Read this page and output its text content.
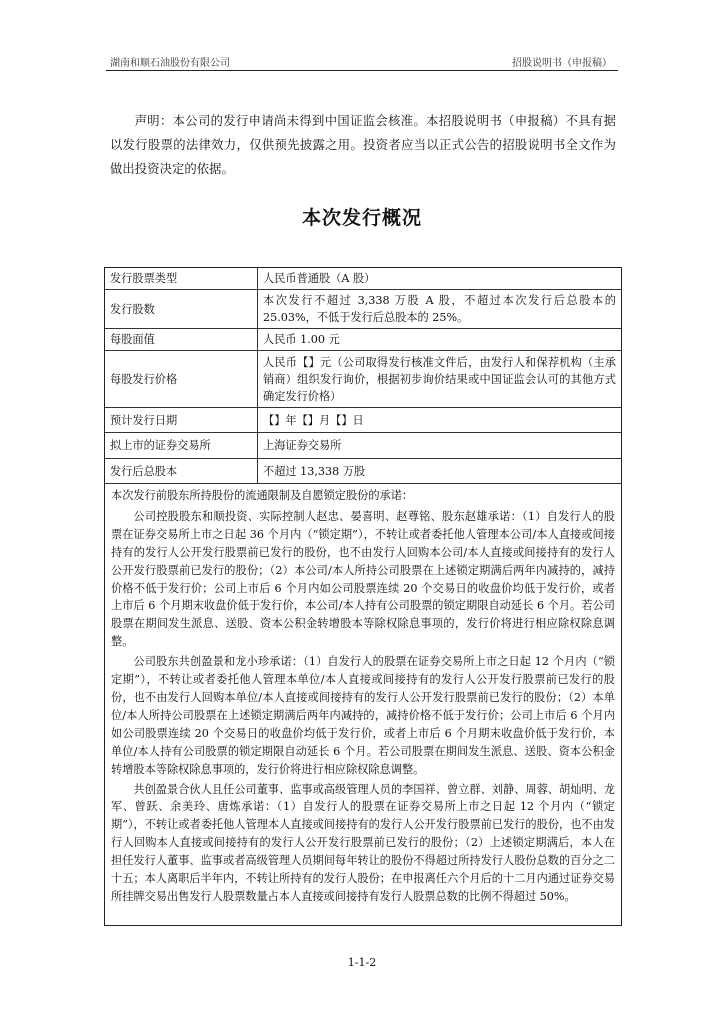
湖南和顺石油股份有限公司	招股说明书（申报稿）
声明：本公司的发行申请尚未得到中国证监会核准。本招股说明书（申报稿）不具有据以发行股票的法律效力，仅供预先披露之用。投资者应当以正式公告的招股说明书全文作为做出投资决定的依据。
本次发行概况
发行股票类型	人民币普通股（A 股）
发行股数	本次发行不超过 3,338 万股 A 股，不超过本次发行后总股本的 25.03%，不低于发行后总股本的 25%。
每股面值	人民币 1.00 元
每股发行价格	人民币【】元（公司取得发行核准文件后，由发行人和保荐机构（主承销商）组织发行询价，根据初步询价结果或中国证监会认可的其他方式确定发行价格）
预计发行日期	【】年【】月【】日
拟上市的证券交易所	上海证券交易所
发行后总股本	不超过 13,338 万股

本次发行前股东所持股份的流通限制及自愿锁定股份的承诺：

公司控股股东和顺投资、实际控制人赵忠、晏喜明、赵尊铭、股东赵雄承诺：（1）自发行人的股票在证券交易所上市之日起 36 个月内（“锁定期”），不转让或者委托他人管理本公司/本人直接或间接持有的发行人公开发行股票前已发行的股份，也不由发行人回购本公司/本人直接或间接持有的发行人公开发行股票前已发行的股份；（2）本公司/本人所持公司股票在上述锁定期满后两年内减持的，减持价格不低于发行价；公司上市后 6 个月内如公司股票连续 20 个交易日的收盘价均低于发行价，或者上市后 6 个月期末收盘价低于发行价，本公司/本人持有公司股票的锁定期限自动延长 6 个月。若公司股票在期间发生派息、送股、资本公积金转增股本等除权除息事项的，发行价将进行相应除权除息调整。

公司股东共创盈景和龙小珍承诺：（1）自发行人的股票在证券交易所上市之日起 12 个月内（“锁定期”），不转让或者委托他人管理本单位/本人直接或间接持有的发行人公开发行股票前已发行的股份，也不由发行人回购本单位/本人直接或间接持有的发行人公开发行股票前已发行的股份；（2）本单位/本人所持公司股票在上述锁定期满后两年内减持的，减持价格不低于发行价；公司上市后 6 个月内如公司股票连续 20 个交易日的收盘价均低于发行价，或者上市后 6 个月期末收盘价低于发行价，本单位/本人持有公司股票的锁定期限自动延长 6 个月。若公司股票在期间发生派息、送股、资本公积金转增股本等除权除息事项的，发行价将进行相应除权除息调整。

共创盈景合伙人且任公司董事、监事或高级管理人员的李国祥、曾立群、刘静、周蓉、胡灿明、龙军、曾跃、余美玲、唐炼承诺：（1）自发行人的股票在证券交易所上市之日起 12 个月内（“锁定期”），不转让或者委托他人管理本人直接或间接持有的发行人公开发行股票前已发行的股份，也不由发行人回购本人直接或间接持有的发行人公开发行股票前已发行的股份；（2）上述锁定期满后，本人在担任发行人董事、监事或者高级管理人员期间每年转让的股份不得超过所持发行人股份总数的百分之二十五；本人离职后半年内，不转让所持有的发行人股份；在申报离任六个月后的十二月内通过证券交易所挂牌交易出售发行人股票数量占本人直接或间接持有发行人股票总数的比例不得超过 50%。

1-1-2
